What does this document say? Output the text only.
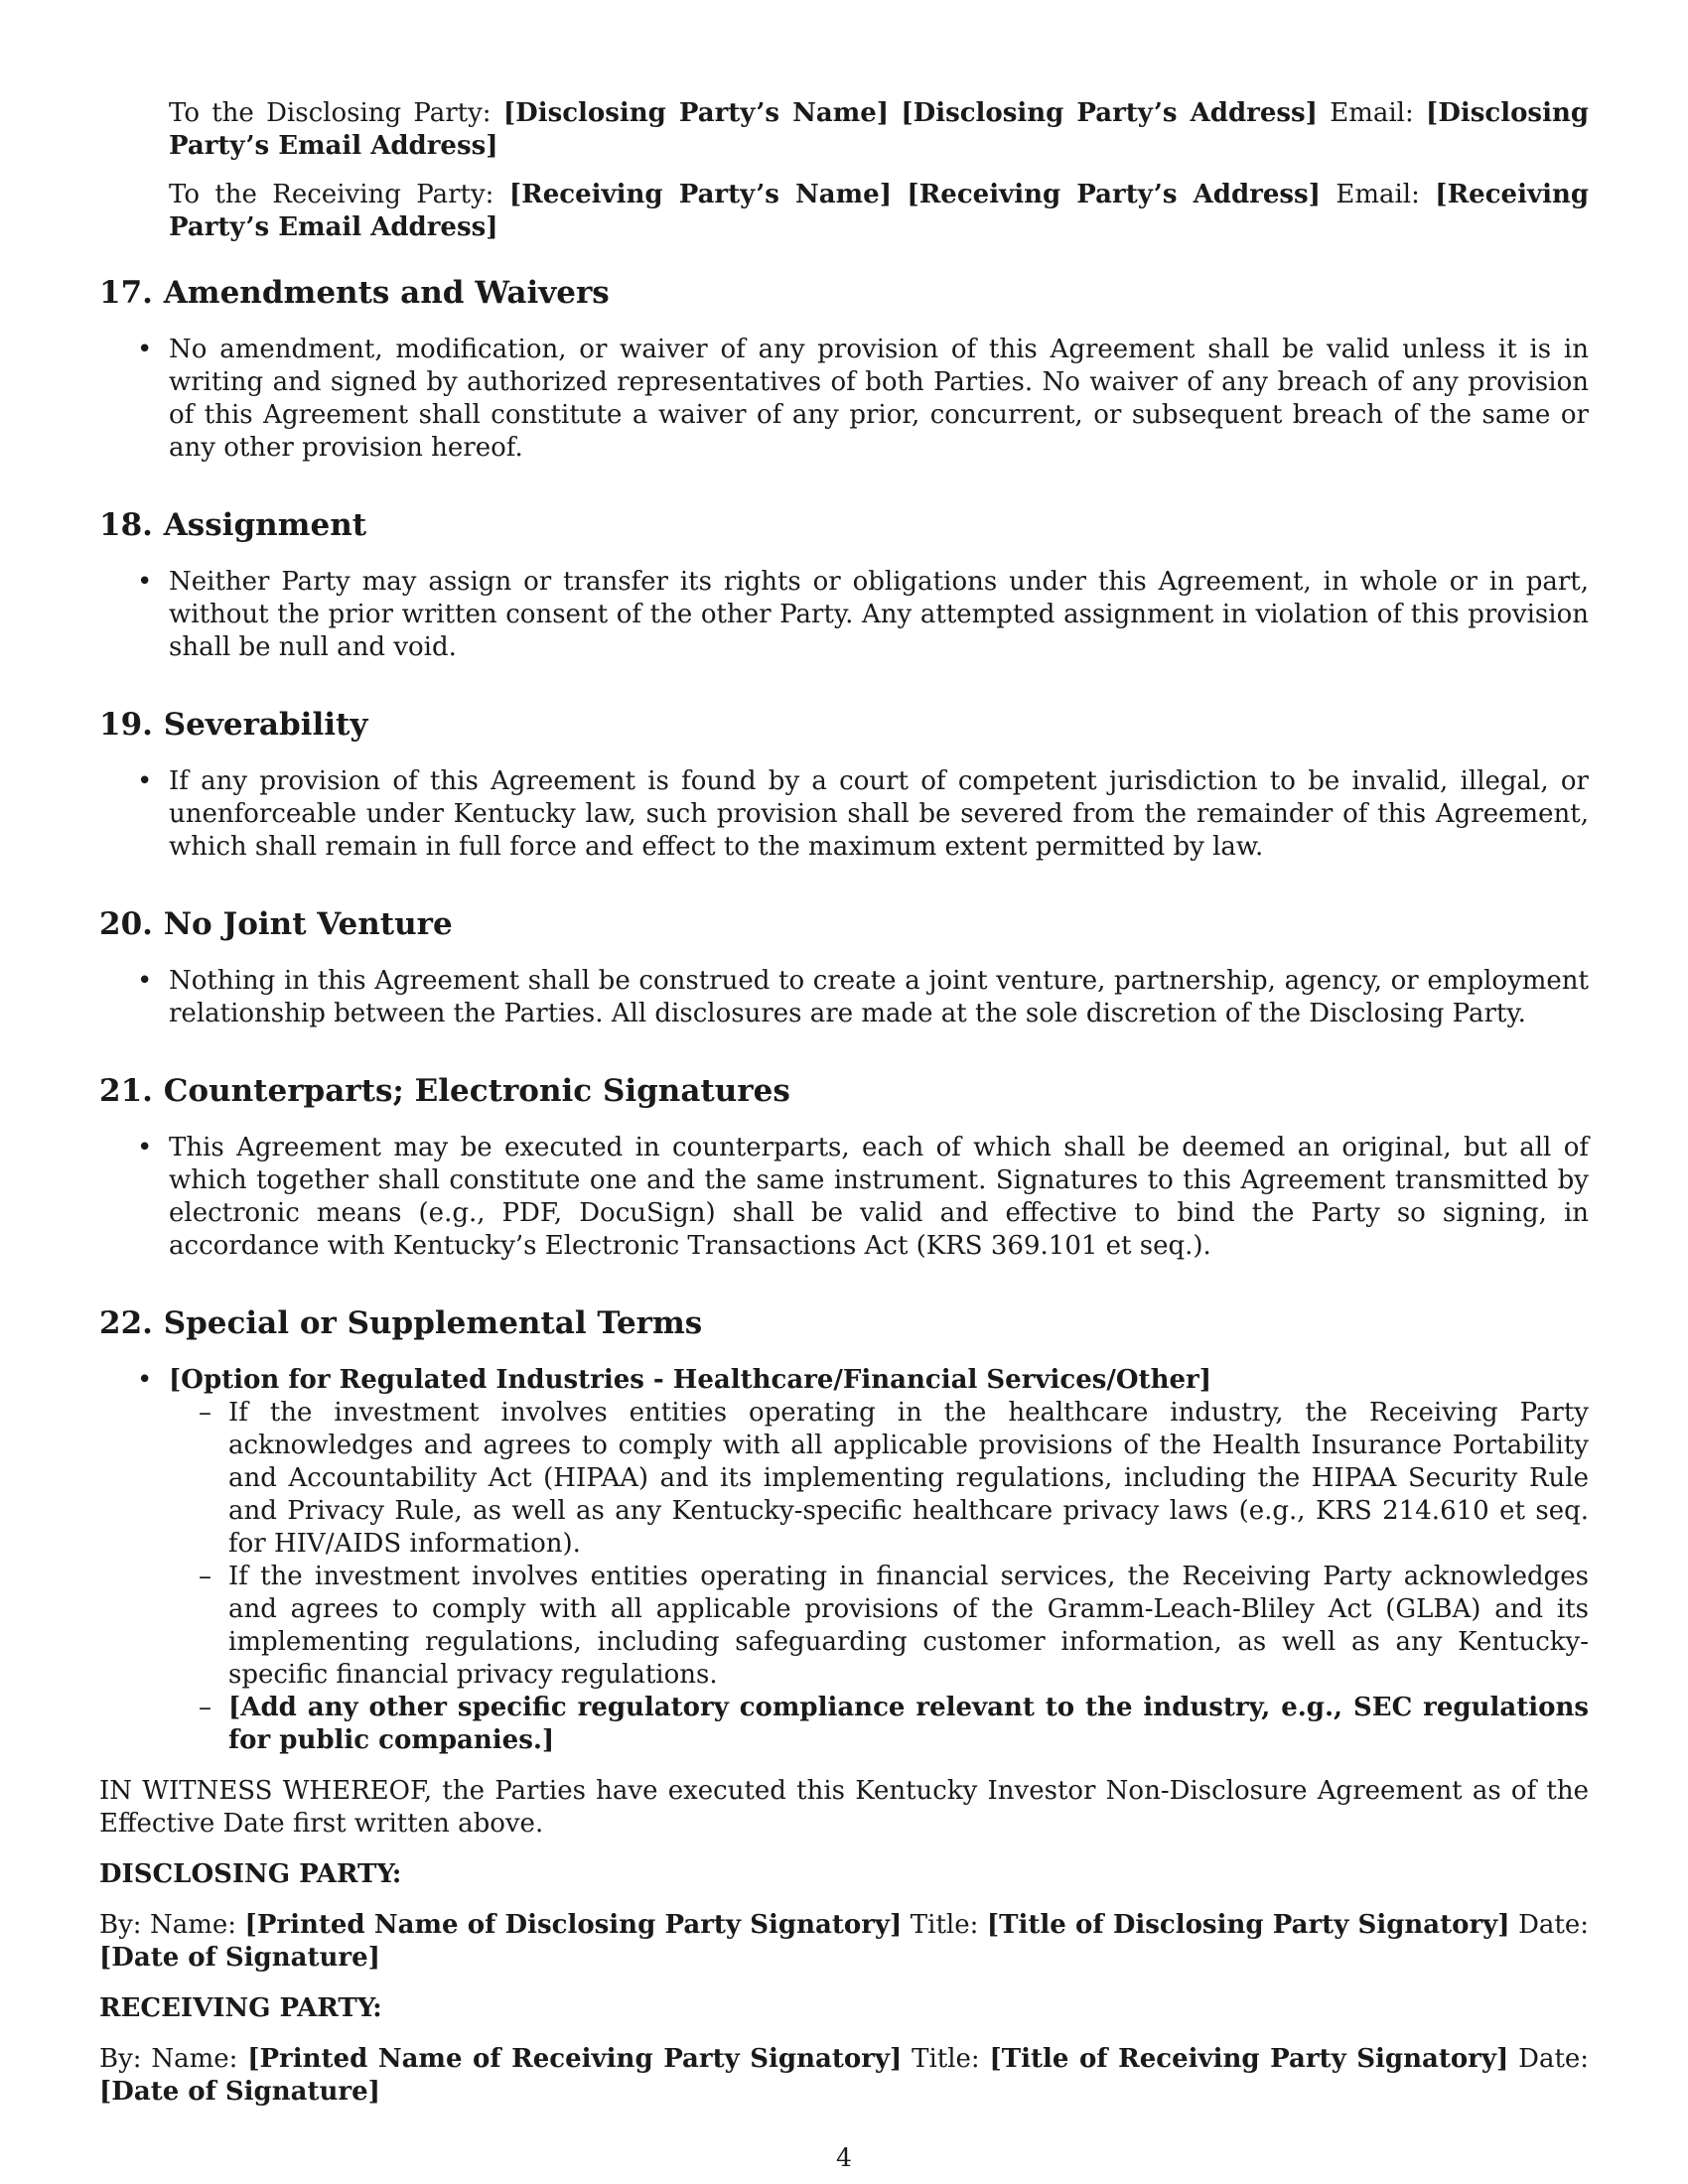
To the Disclosing Party: [Disclosing Party’s Name] [Disclosing Party’s Address] Email: [Disclosing Party’s Email Address]

To the Receiving Party: [Receiving Party’s Name] [Receiving Party’s Address] Email: [Receiving Party’s Email Address]

17. Amendments and Waivers
• No amendment, modification, or waiver of any provision of this Agreement shall be valid unless it is in writing and signed by authorized representatives of both Parties. No waiver of any breach of any provision of this Agreement shall constitute a waiver of any prior, concurrent, or subsequent breach of the same or any other provision hereof.
18. Assignment
• Neither Party may assign or transfer its rights or obligations under this Agreement, in whole or in part, without the prior written consent of the other Party. Any attempted assignment in violation of this provision shall be null and void.
19. Severability
• If any provision of this Agreement is found by a court of competent jurisdiction to be invalid, illegal, or unenforceable under Kentucky law, such provision shall be severed from the remainder of this Agreement, which shall remain in full force and effect to the maximum extent permitted by law.
20. No Joint Venture
• Nothing in this Agreement shall be construed to create a joint venture, partnership, agency, or employment relationship between the Parties. All disclosures are made at the sole discretion of the Disclosing Party.
21. Counterparts; Electronic Signatures
• This Agreement may be executed in counterparts, each of which shall be deemed an original, but all of which together shall constitute one and the same instrument. Signatures to this Agreement transmitted by electronic means (e.g., PDF, DocuSign) shall be valid and effective to bind the Party so signing, in accordance with Kentucky’s Electronic Transactions Act (KRS 369.101 et seq.).
22. Special or Supplemental Terms
• [Option for Regulated Industries - Healthcare/Financial Services/Other]
– If the investment involves entities operating in the healthcare industry, the Receiving Party acknowledges and agrees to comply with all applicable provisions of the Health Insurance Portability and Accountability Act (HIPAA) and its implementing regulations, including the HIPAA Security Rule and Privacy Rule, as well as any Kentucky-specific healthcare privacy laws (e.g., KRS 214.610 et seq. for HIV/AIDS information).
– If the investment involves entities operating in financial services, the Receiving Party acknowledges and agrees to comply with all applicable provisions of the Gramm-Leach-Bliley Act (GLBA) and its implementing regulations, including safeguarding customer information, as well as any Kentucky-specific financial privacy regulations.
– [Add any other specific regulatory compliance relevant to the industry, e.g., SEC regulations for public companies.]

IN WITNESS WHEREOF, the Parties have executed this Kentucky Investor Non-Disclosure Agreement as of the Effective Date first written above.

DISCLOSING PARTY:

By: Name: [Printed Name of Disclosing Party Signatory] Title: [Title of Disclosing Party Signatory] Date: [Date of Signature]

RECEIVING PARTY:

By: Name: [Printed Name of Receiving Party Signatory] Title: [Title of Receiving Party Signatory] Date: [Date of Signature]

4
